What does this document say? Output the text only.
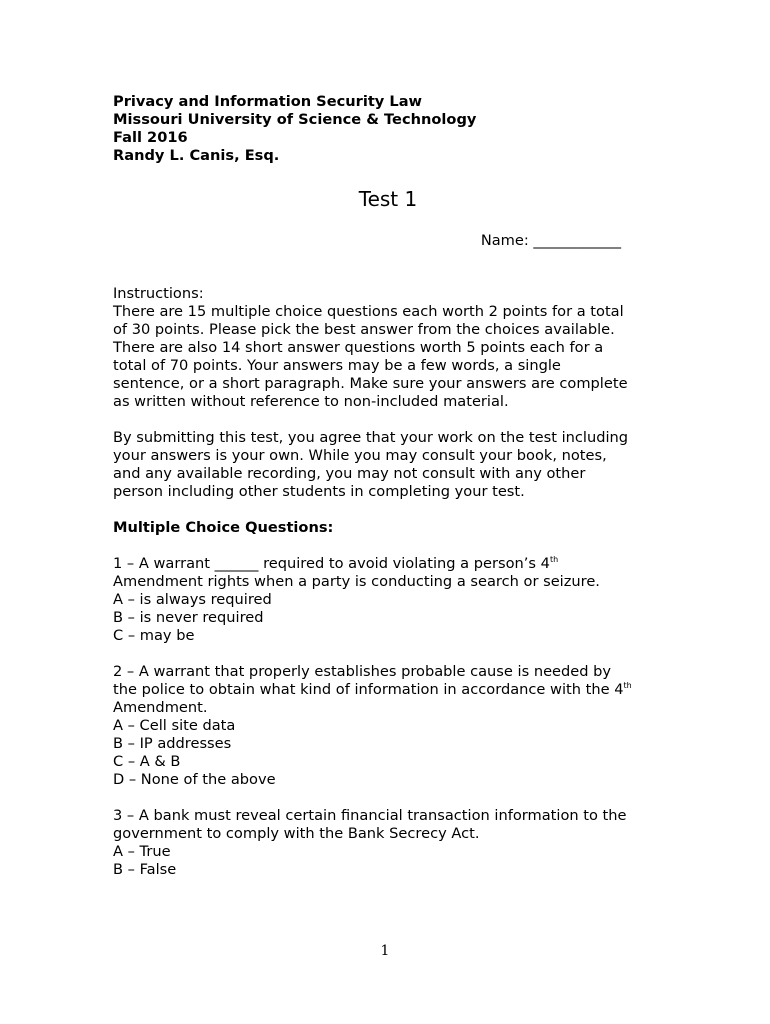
Privacy and Information Security Law
Missouri University of Science & Technology
Fall 2016
Randy L. Canis, Esq.
Test 1
Name: ____________
Instructions:
There are 15 multiple choice questions each worth 2 points for a total
of 30 points. Please pick the best answer from the choices available.
There are also 14 short answer questions worth 5 points each for a
total of 70 points. Your answers may be a few words, a single
sentence, or a short paragraph. Make sure your answers are complete
as written without reference to non-included material.
By submitting this test, you agree that your work on the test including
your answers is your own. While you may consult your book, notes,
and any available recording, you may not consult with any other
person including other students in completing your test.
Multiple Choice Questions:
1 – A warrant ______ required to avoid violating a person’s 4th
Amendment rights when a party is conducting a search or seizure.
A – is always required
B – is never required
C – may be
2 – A warrant that properly establishes probable cause is needed by
the police to obtain what kind of information in accordance with the 4th
Amendment.
A – Cell site data
B – IP addresses
C – A & B
D – None of the above
3 – A bank must reveal certain financial transaction information to the
government to comply with the Bank Secrecy Act.
A – True
B – False
1
